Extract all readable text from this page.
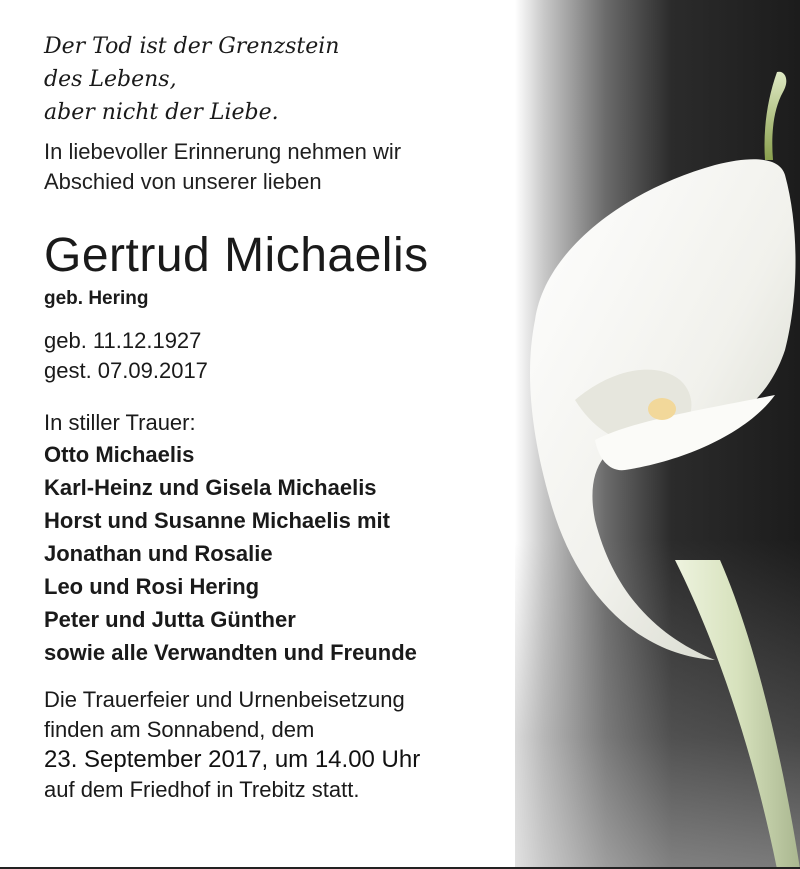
Der Tod ist der Grenzstein
des Lebens,
aber nicht der Liebe.
In liebevoller Erinnerung nehmen wir
Abschied von unserer lieben
Gertrud Michaelis
geb. Hering
geb. 11.12.1927
gest. 07.09.2017
In stiller Trauer:
Otto Michaelis
Karl-Heinz und Gisela Michaelis
Horst und Susanne Michaelis mit
Jonathan und Rosalie
Leo und Rosi Hering
Peter und Jutta Günther
sowie alle Verwandten und Freunde
Die Trauerfeier und Urnenbeisetzung
finden am Sonnabend, dem
23. September 2017, um 14.00 Uhr
auf dem Friedhof in Trebitz statt.
